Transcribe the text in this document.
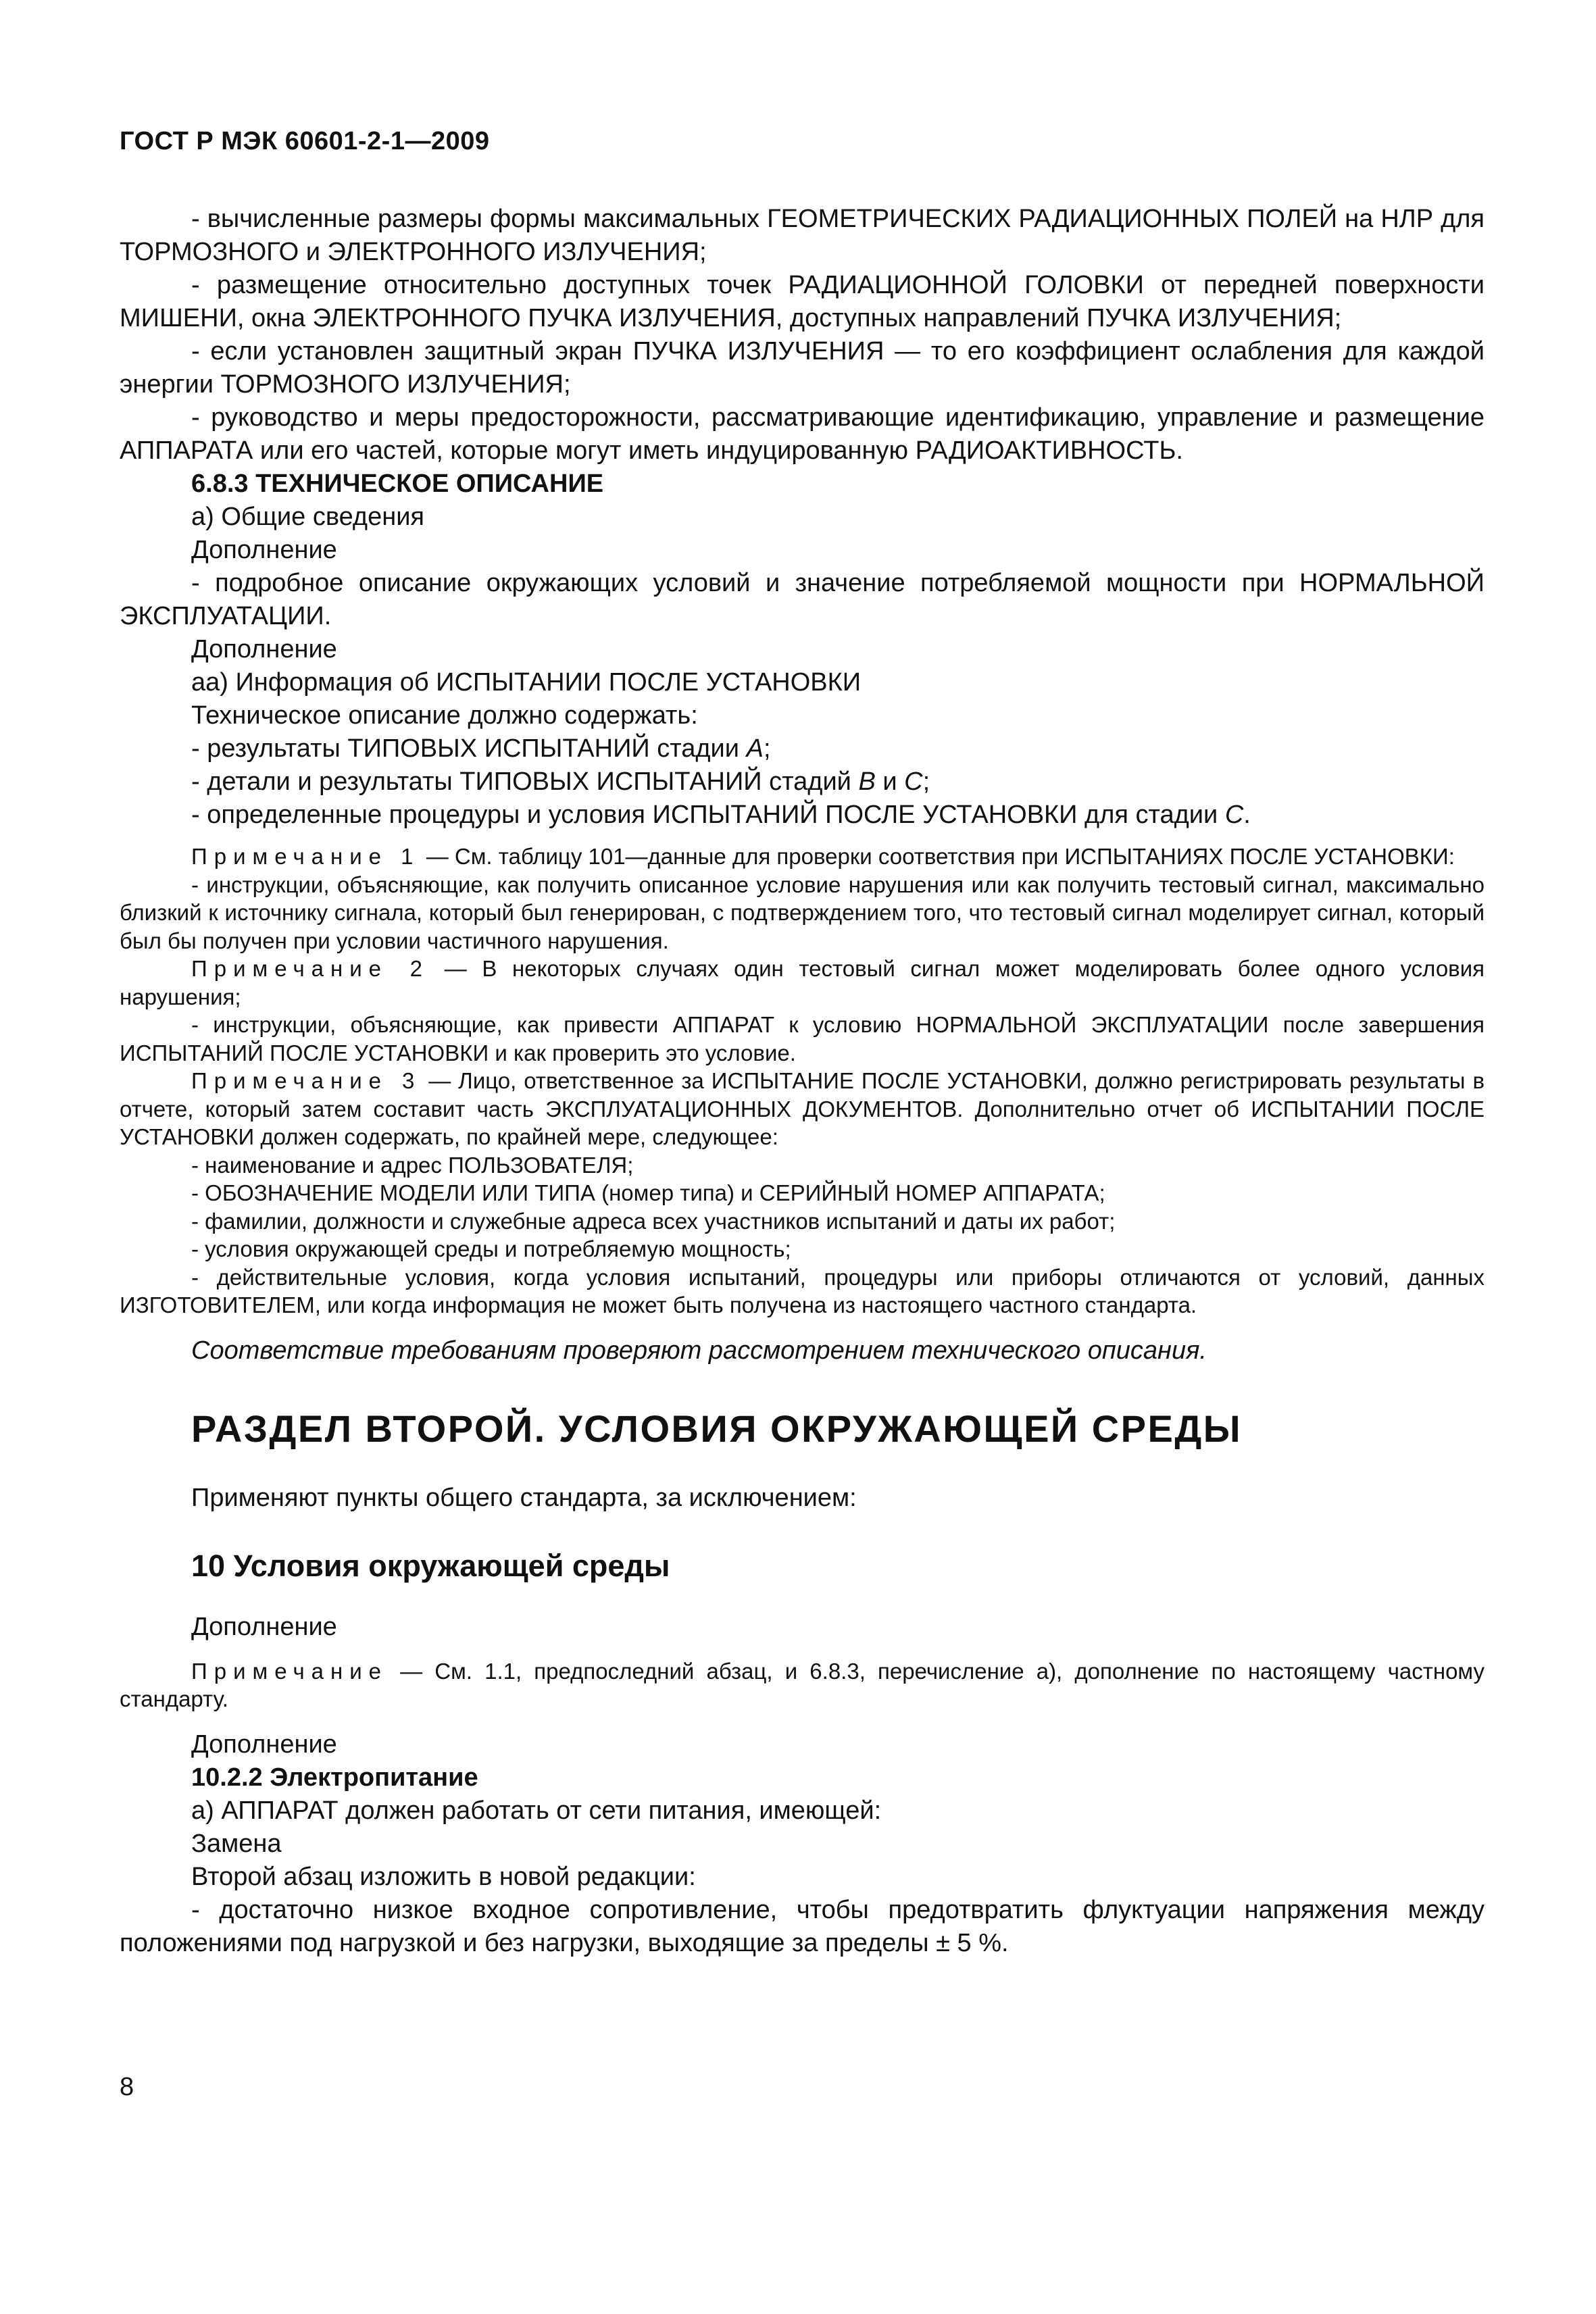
ГОСТ Р МЭК 60601-2-1—2009

- вычисленные размеры формы максимальных ГЕОМЕТРИЧЕСКИХ РАДИАЦИОННЫХ ПОЛЕЙ на НЛР для ТОРМОЗНОГО и ЭЛЕКТРОННОГО ИЗЛУЧЕНИЯ;

- размещение относительно доступных точек РАДИАЦИОННОЙ ГОЛОВКИ от передней поверхности МИШЕНИ, окна ЭЛЕКТРОННОГО ПУЧКА ИЗЛУЧЕНИЯ, доступных направлений ПУЧКА ИЗЛУЧЕНИЯ;

- если установлен защитный экран ПУЧКА ИЗЛУЧЕНИЯ — то его коэффициент ослабления для каждой энергии ТОРМОЗНОГО ИЗЛУЧЕНИЯ;

- руководство и меры предосторожности, рассматривающие идентификацию, управление и размещение АППАРАТА или его частей, которые могут иметь индуцированную РАДИОАКТИВНОСТЬ.

6.8.3 ТЕХНИЧЕСКОЕ ОПИСАНИЕ

а) Общие сведения

Дополнение

- подробное описание окружающих условий и значение потребляемой мощности при НОРМАЛЬНОЙ ЭКСПЛУАТАЦИИ.

Дополнение

аа) Информация об ИСПЫТАНИИ ПОСЛЕ УСТАНОВКИ

Техническое описание должно содержать:

- результаты ТИПОВЫХ ИСПЫТАНИЙ стадии А;

- детали и результаты ТИПОВЫХ ИСПЫТАНИЙ стадий В и С;

- определенные процедуры и условия ИСПЫТАНИЙ ПОСЛЕ УСТАНОВКИ для стадии С.

Примечание 1 — См. таблицу 101—данные для проверки соответствия при ИСПЫТАНИЯХ ПОСЛЕ УСТАНОВКИ:

- инструкции, объясняющие, как получить описанное условие нарушения или как получить тестовый сигнал, максимально близкий к источнику сигнала, который был генерирован, с подтверждением того, что тестовый сигнал моделирует сигнал, который был бы получен при условии частичного нарушения.

Примечание 2 — В некоторых случаях один тестовый сигнал может моделировать более одного условия нарушения;

- инструкции, объясняющие, как привести АППАРАТ к условию НОРМАЛЬНОЙ ЭКСПЛУАТАЦИИ после завершения ИСПЫТАНИЙ ПОСЛЕ УСТАНОВКИ и как проверить это условие.

Примечание 3 — Лицо, ответственное за ИСПЫТАНИЕ ПОСЛЕ УСТАНОВКИ, должно регистрировать результаты в отчете, который затем составит часть ЭКСПЛУАТАЦИОННЫХ ДОКУМЕНТОВ. Дополнительно отчет об ИСПЫТАНИИ ПОСЛЕ УСТАНОВКИ должен содержать, по крайней мере, следующее:

- наименование и адрес ПОЛЬЗОВАТЕЛЯ;

- ОБОЗНАЧЕНИЕ МОДЕЛИ ИЛИ ТИПА (номер типа) и СЕРИЙНЫЙ НОМЕР АППАРАТА;

- фамилии, должности и служебные адреса всех участников испытаний и даты их работ;

- условия окружающей среды и потребляемую мощность;

- действительные условия, когда условия испытаний, процедуры или приборы отличаются от условий, данных ИЗГОТОВИТЕЛЕМ, или когда информация не может быть получена из настоящего частного стандарта.

Соответствие требованиям проверяют рассмотрением технического описания.

РАЗДЕЛ ВТОРОЙ. УСЛОВИЯ ОКРУЖАЮЩЕЙ СРЕДЫ

Применяют пункты общего стандарта, за исключением:

10 Условия окружающей среды

Дополнение

Примечание — См. 1.1, предпоследний абзац, и 6.8.3, перечисление а), дополнение по настоящему частному стандарту.

Дополнение

10.2.2 Электропитание

а) АППАРАТ должен работать от сети питания, имеющей:

Замена

Второй абзац изложить в новой редакции:

- достаточно низкое входное сопротивление, чтобы предотвратить флуктуации напряжения между положениями под нагрузкой и без нагрузки, выходящие за пределы ± 5 %.

8
